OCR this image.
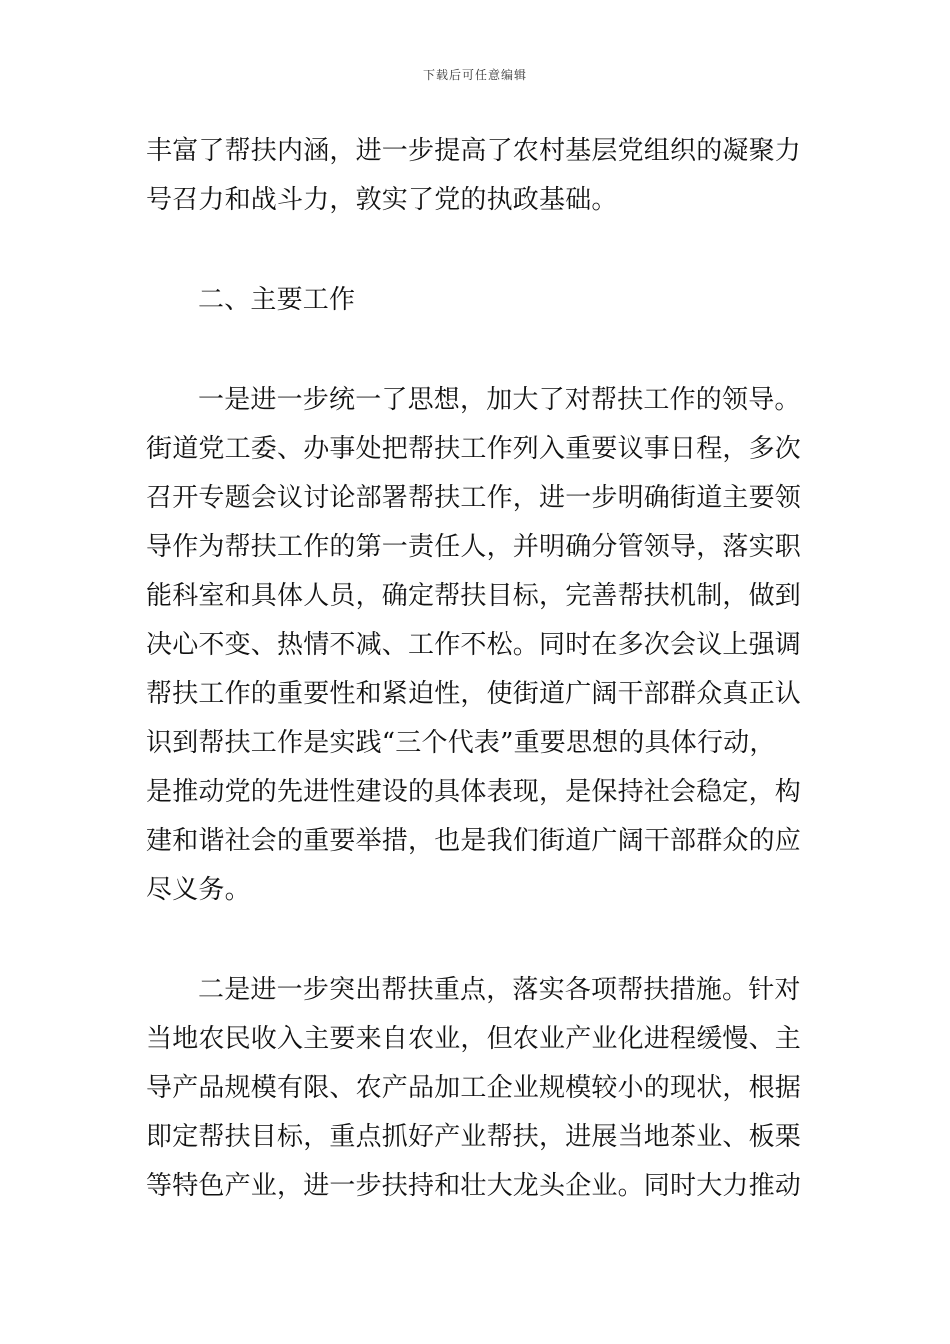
下载后可任意编辑
丰富了帮扶内涵，进一步提高了农村基层党组织的凝聚力
号召力和战斗力，敦实了党的执政基础。
二、主要工作
一是进一步统一了思想，加大了对帮扶工作的领导。
街道党工委、办事处把帮扶工作列入重要议事日程，多次
召开专题会议讨论部署帮扶工作，进一步明确街道主要领
导作为帮扶工作的第一责任人，并明确分管领导，落实职
能科室和具体人员，确定帮扶目标，完善帮扶机制，做到
决心不变、热情不减、工作不松。同时在多次会议上强调
帮扶工作的重要性和紧迫性，使街道广阔干部群众真正认
识到帮扶工作是实践“三个代表”重要思想的具体行动，
是推动党的先进性建设的具体表现，是保持社会稳定，构
建和谐社会的重要举措，也是我们街道广阔干部群众的应
尽义务。
二是进一步突出帮扶重点，落实各项帮扶措施。针对
当地农民收入主要来自农业，但农业产业化进程缓慢、主
导产品规模有限、农产品加工企业规模较小的现状，根据
即定帮扶目标，重点抓好产业帮扶，进展当地茶业、板栗
等特色产业，进一步扶持和壮大龙头企业。同时大力推动
